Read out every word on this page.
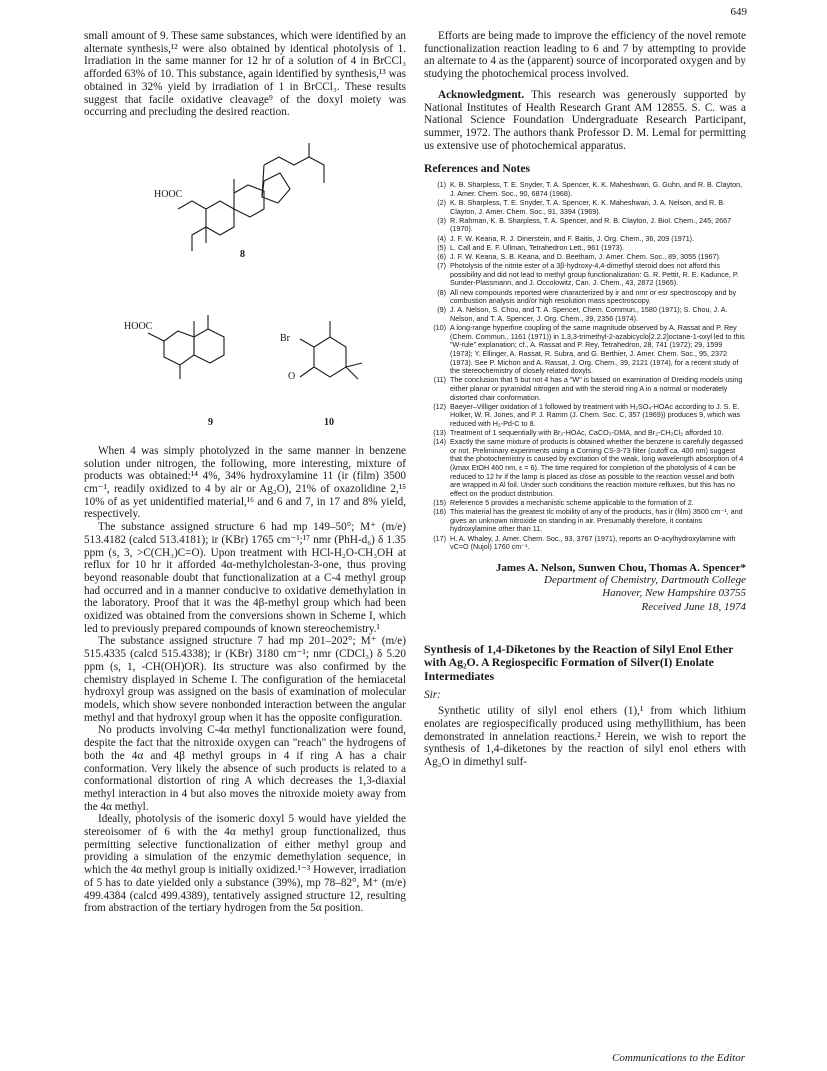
649

small amount of 9. These same substances, which were identified by an alternate synthesis,¹² were also obtained by identical photolysis of 1. Irradiation in the same manner for 12 hr of a solution of 4 in BrCCl₃ afforded 63% of 10. This substance, again identified by synthesis,¹³ was obtained in 32% yield by irradiation of 1 in BrCCl₃. These results suggest that facile oxidative cleavage⁹ of the doxyl moiety was occurring and precluding the desired reaction.

HOOC
8
HOOC
Br
O
9	10

When 4 was simply photolyzed in the same manner in benzene solution under nitrogen, the following, more interesting, mixture of products was obtained:¹⁴ 4%, 34% hydroxylamine 11 (ir (film) 3500 cm⁻¹, readily oxidized to 4 by air or Ag₂O), 21% of oxazolidine 2,¹⁵ 10% of as yet unidentified material,¹⁶ and 6 and 7, in 17 and 8% yield, respectively.

The substance assigned structure 6 had mp 149–50°; M⁺ (m/e) 513.4182 (calcd 513.4181); ir (KBr) 1765 cm⁻¹;¹⁷ nmr (PhH-d₆) δ 1.35 ppm (s, 3, >C(CH₃)C=O). Upon treatment with HCl-H₂O-CH₃OH at reflux for 10 hr it afforded 4α-methylcholestan-3-one, thus proving beyond reasonable doubt that functionalization at a C-4 methyl group had occurred and in a manner conducive to oxidative demethylation in the laboratory. Proof that it was the 4β-methyl group which had been oxidized was obtained from the conversions shown in Scheme I, which led to previously prepared compounds of known stereochemistry.¹

The substance assigned structure 7 had mp 201–202°; M⁺ (m/e) 515.4335 (calcd 515.4338); ir (KBr) 3180 cm⁻¹; nmr (CDCl₃) δ 5.20 ppm (s, 1, -CH(OH)OR). Its structure was also confirmed by the chemistry displayed in Scheme I. The configuration of the hemiacetal hydroxyl group was assigned on the basis of examination of molecular models, which show severe nonbonded interaction between the angular methyl and that hydroxyl group when it has the opposite configuration.

No products involving C-4α methyl functionalization were found, despite the fact that the nitroxide oxygen can "reach" the hydrogens of both the 4α and 4β methyl groups in 4 if ring A has a chair conformation. Very likely the absence of such products is related to a conformational distortion of ring A which decreases the 1,3-diaxial methyl interaction in 4 but also moves the nitroxide moiety away from the 4α methyl.

Ideally, photolysis of the isomeric doxyl 5 would have yielded the stereoisomer of 6 with the 4α methyl group functionalized, thus permitting selective functionalization of either methyl group and providing a simulation of the enzymic demethylation sequence, in which the 4α methyl group is initially oxidized.¹⁻³ However, irradiation of 5 has to date yielded only a substance (39%), mp 78–82°, M⁺ (m/e) 499.4384 (calcd 499.4389), tentatively assigned structure 12, resulting from abstraction of the tertiary hydrogen from the 5α position.

Efforts are being made to improve the efficiency of the novel remote functionalization reaction leading to 6 and 7 by attempting to provide an alternate to 4 as the (apparent) source of incorporated oxygen and by studying the photochemical process involved.

Acknowledgment. This research was generously supported by National Institutes of Health Research Grant AM 12855. S. C. was a National Science Foundation Undergraduate Research Participant, summer, 1972. The authors thank Professor D. M. Lemal for permitting us extensive use of photochemical apparatus.

References and Notes
(1) K. B. Sharpless, T. E. Snyder, T. A. Spencer, K. K. Maheshwari, G. Guhn, and R. B. Clayton, J. Amer. Chem. Soc., 90, 6874 (1968).
(2) K. B. Sharpless, T. E. Snyder, T. A. Spencer, K. K. Maheshwari, J. A. Nelson, and R. B. Clayton, J. Amer. Chem. Soc., 91, 3394 (1969).
(3) R. Rahman, K. B. Sharpless, T. A. Spencer, and R. B. Clayton, J. Biol. Chem., 245, 2667 (1970).
(4) J. F. W. Keana, R. J. Dinerstein, and F. Baitis, J. Org. Chem., 36, 209 (1971).
(5) L. Call and E. F. Ullman, Tetrahedron Lett., 961 (1973).
(6) J. F. W. Keana, S. B. Keana, and D. Beetham, J. Amer. Chem. Soc., 89, 3055 (1967).
(7) Photolysis of the nitrite ester of a 3β-hydroxy-4,4-dimethyl steroid does not afford this possibility and did not lead to methyl group functionalization: G. R. Pettit, R. E. Kadunce, P. Sunder-Plassmann, and J. Occolowitz, Can. J. Chem., 43, 2872 (1965).
(8) All new compounds reported were characterized by ir and nmr or esr spectroscopy and by combustion analysis and/or high resolution mass spectroscopy.
(9) J. A. Nelson, S. Chou, and T. A. Spencer, Chem. Commun., 1580 (1971); S. Chou, J. A. Nelson, and T. A. Spencer, J. Org. Chem., 39, 2356 (1974).
(10) A long-range hyperfine coupling of the same magnitude observed by A. Rassat and P. Rey (Chem. Commun., 1161 (1971)) in 1,3,3-trimethyl-2-azabicyclo[2.2.2]octane-1-oxyl led to this "W-rule" explanation; cf., A. Rassat and P. Rey, Tetrahedron, 28, 741 (1972); 29, 1599 (1973); Y. Ellinger, A. Rassat, R. Subra, and G. Berthier, J. Amer. Chem. Soc., 95, 2372 (1973). See P. Michon and A. Rassat, J. Org. Chem., 39, 2121 (1974), for a recent study of the stereochemistry of closely related doxyls.
(11) The conclusion that 5 but not 4 has a "W" is based on examination of Dreiding models using either planar or pyramidal nitrogen and with the steroid ring A in a normal or moderately distorted chair conformation.
(12) Baeyer–Villiger oxidation of 1 followed by treatment with H₂SO₄-HOAc according to J. S. E. Holker, W. R. Jones, and P. J. Ramm (J. Chem. Soc. C, 357 (1969)) produces 9, which was reduced with H₂-Pd-C to 8.
(13) Treatment of 1 sequentially with Br₂-HOAc, CaCO₃-DMA, and Br₂-CH₂Cl₂ afforded 10.
(14) Exactly the same mixture of products is obtained whether the benzene is carefully degassed or not. Preliminary experiments using a Corning CS-3-73 filter (cutoff ca. 400 nm) suggest that the photochemistry is caused by excitation of the weak, long wavelength absorption of 4 (λmax EtOH 460 nm, ε = 6). The time required for completion of the photolysis of 4 can be reduced to 12 hr if the lamp is placed as close as possible to the reaction vessel and both are wrapped in Al foil. Under such conditions the reaction mixture refluxes, but this has no effect on the product distribution.
(15) Reference 5 provides a mechanistic scheme applicable to the formation of 2.
(16) This material has the greatest tlc mobility of any of the products, has ir (film) 3500 cm⁻¹, and gives an unknown nitroxide on standing in air. Presumably therefore, it contains hydroxylamine other than 11.
(17) H. A. Whaley, J. Amer. Chem. Soc., 93, 3767 (1971), reports an O-acylhydroxylamine with νC=O (Nujol) 1760 cm⁻¹.
James A. Nelson, Sunwen Chou, Thomas A. Spencer*
Department of Chemistry, Dartmouth College
Hanover, New Hampshire 03755
Received June 18, 1974
Synthesis of 1,4-Diketones by the Reaction of Silyl Enol Ether with Ag₂O. A Regiospecific Formation of Silver(I) Enolate Intermediates
Sir:

Synthetic utility of silyl enol ethers (1),¹ from which lithium enolates are regiospecifically produced using methyllithium, has been demonstrated in annelation reactions.² Herein, we wish to report the synthesis of 1,4-diketones by the reaction of silyl enol ethers with Ag₂O in dimethyl sulf-

Communications to the Editor
